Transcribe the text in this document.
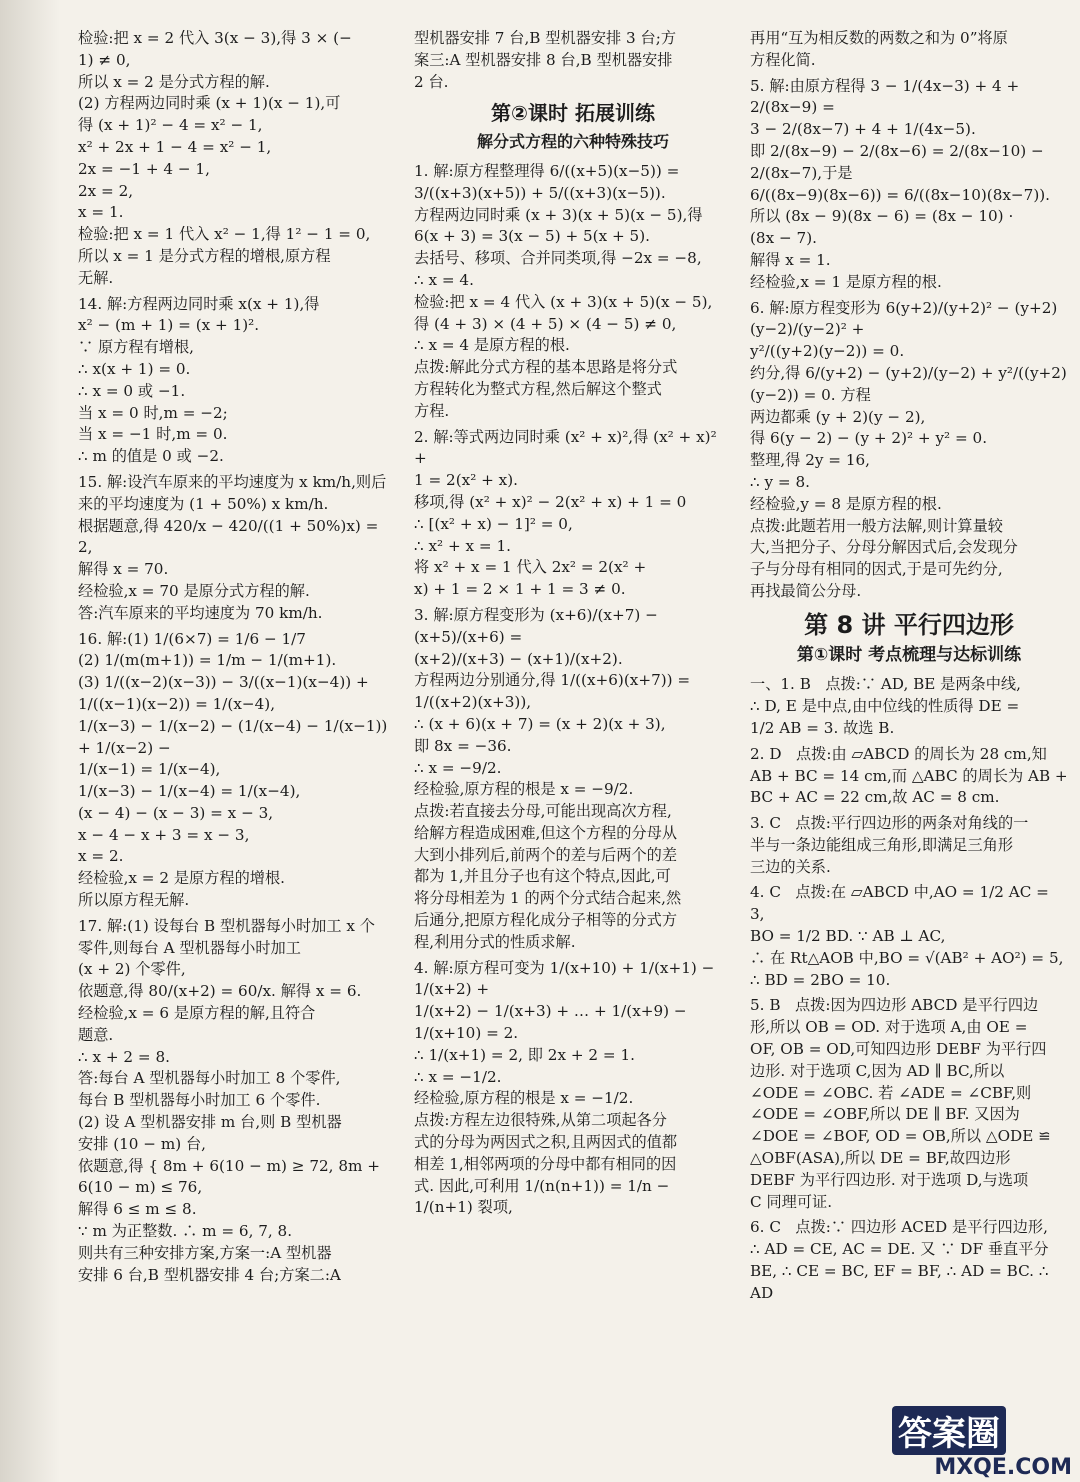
检验:把 x = 2 代入 3(x − 3),得 3 × (−

1) ≠ 0,

所以 x = 2 是分式方程的解.

(2) 方程两边同时乘 (x + 1)(x − 1),可

得 (x + 1)² − 4 = x² − 1,

x² + 2x + 1 − 4 = x² − 1,

2x = −1 + 4 − 1,

2x = 2,

x = 1.

检验:把 x = 1 代入 x² − 1,得 1² − 1 = 0,

所以 x = 1 是分式方程的增根,原方程

无解.

14. 解:方程两边同时乘 x(x + 1),得

x² − (m + 1) = (x + 1)².

∵ 原方程有增根,

∴ x(x + 1) = 0.

∴ x = 0 或 −1.

当 x = 0 时,m = −2;

当 x = −1 时,m = 0.

∴ m 的值是 0 或 −2.

15. 解:设汽车原来的平均速度为 x km/h,则后

来的平均速度为 (1 + 50%) x km/h.

根据题意,得 420/x − 420/((1 + 50%)x) = 2,

解得 x = 70.

经检验,x = 70 是原分式方程的解.

答:汽车原来的平均速度为 70 km/h.

16. 解:(1) 1/(6×7) = 1/6 − 1/7

(2) 1/(m(m+1)) = 1/m − 1/(m+1).

(3) 1/((x−2)(x−3)) − 3/((x−1)(x−4)) +

1/((x−1)(x−2)) = 1/(x−4),

1/(x−3) − 1/(x−2) − (1/(x−4) − 1/(x−1)) + 1/(x−2) −

1/(x−1) = 1/(x−4),

1/(x−3) − 1/(x−4) = 1/(x−4),

(x − 4) − (x − 3) = x − 3,

x − 4 − x + 3 = x − 3,

x = 2.

经检验,x = 2 是原方程的增根.

所以原方程无解.

17. 解:(1) 设每台 B 型机器每小时加工 x 个

零件,则每台 A 型机器每小时加工

(x + 2) 个零件,

依题意,得 80/(x+2) = 60/x. 解得 x = 6.

经检验,x = 6 是原方程的解,且符合

题意.

∴ x + 2 = 8.

答:每台 A 型机器每小时加工 8 个零件,

每台 B 型机器每小时加工 6 个零件.

(2) 设 A 型机器安排 m 台,则 B 型机器

安排 (10 − m) 台,

依题意,得 { 8m + 6(10 − m) ≥ 72, 8m + 6(10 − m) ≤ 76,

解得 6 ≤ m ≤ 8.

∵ m 为正整数. ∴ m = 6, 7, 8.

则共有三种安排方案,方案一:A 型机器

安排 6 台,B 型机器安排 4 台;方案二:A

型机器安排 7 台,B 型机器安排 3 台;方

案三:A 型机器安排 8 台,B 型机器安排

2 台.

第②课时 拓展训练
解分式方程的六种特殊技巧

1. 解:原方程整理得 6/((x+5)(x−5)) =

3/((x+3)(x+5)) + 5/((x+3)(x−5)).

方程两边同时乘 (x + 3)(x + 5)(x − 5),得

6(x + 3) = 3(x − 5) + 5(x + 5).

去括号、移项、合并同类项,得 −2x = −8,

∴ x = 4.

检验:把 x = 4 代入 (x + 3)(x + 5)(x − 5),

得 (4 + 3) × (4 + 5) × (4 − 5) ≠ 0,

∴ x = 4 是原方程的根.

点拨:解此分式方程的基本思路是将分式

方程转化为整式方程,然后解这个整式

方程.

2. 解:等式两边同时乘 (x² + x)²,得 (x² + x)² +

1 = 2(x² + x).

移项,得 (x² + x)² − 2(x² + x) + 1 = 0

∴ [(x² + x) − 1]² = 0,

∴ x² + x = 1.

将 x² + x = 1 代入 2x² = 2(x² +

x) + 1 = 2 × 1 + 1 = 3 ≠ 0.

3. 解:原方程变形为 (x+6)/(x+7) − (x+5)/(x+6) =

(x+2)/(x+3) − (x+1)/(x+2).

方程两边分别通分,得 1/((x+6)(x+7)) =

1/((x+2)(x+3)),

∴ (x + 6)(x + 7) = (x + 2)(x + 3),

即 8x = −36.

∴ x = −9/2.

经检验,原方程的根是 x = −9/2.

点拨:若直接去分母,可能出现高次方程,

给解方程造成困难,但这个方程的分母从

大到小排列后,前两个的差与后两个的差

都为 1,并且分子也有这个特点,因此,可

将分母相差为 1 的两个分式结合起来,然

后通分,把原方程化成分子相等的分式方

程,利用分式的性质求解.

4. 解:原方程可变为 1/(x+10) + 1/(x+1) − 1/(x+2) +

1/(x+2) − 1/(x+3) + … + 1/(x+9) − 1/(x+10) = 2.

∴ 1/(x+1) = 2, 即 2x + 2 = 1.

∴ x = −1/2.

经检验,原方程的根是 x = −1/2.

点拨:方程左边很特殊,从第二项起各分

式的分母为两因式之积,且两因式的值都

相差 1,相邻两项的分母中都有相同的因

式. 因此,可利用 1/(n(n+1)) = 1/n − 1/(n+1) 裂项,

再用“互为相反数的两数之和为 0”将原

方程化简.

5. 解:由原方程得 3 − 1/(4x−3) + 4 + 2/(8x−9) =

3 − 2/(8x−7) + 4 + 1/(4x−5).

即 2/(8x−9) − 2/(8x−6) = 2/(8x−10) − 2/(8x−7),于是

6/((8x−9)(8x−6)) = 6/((8x−10)(8x−7)).

所以 (8x − 9)(8x − 6) = (8x − 10) ·

(8x − 7).

解得 x = 1.

经检验,x = 1 是原方程的根.

6. 解:原方程变形为 6(y+2)/(y+2)² − (y+2)(y−2)/(y−2)² +

y²/((y+2)(y−2)) = 0.

约分,得 6/(y+2) − (y+2)/(y−2) + y²/((y+2)(y−2)) = 0. 方程

两边都乘 (y + 2)(y − 2),

得 6(y − 2) − (y + 2)² + y² = 0.

整理,得 2y = 16,

∴ y = 8.

经检验,y = 8 是原方程的根.

点拨:此题若用一般方法解,则计算量较

大,当把分子、分母分解因式后,会发现分

子与分母有相同的因式,于是可先约分,

再找最简公分母.

第 8 讲 平行四边形
第①课时 考点梳理与达标训练

一、1. B   点拨:∵ AD, BE 是两条中线,

∴ D, E 是中点,由中位线的性质得 DE =

1/2 AB = 3. 故选 B.

2. D   点拨:由 ▱ABCD 的周长为 28 cm,知

AB + BC = 14 cm,而 △ABC 的周长为 AB +

BC + AC = 22 cm,故 AC = 8 cm.

3. C   点拨:平行四边形的两条对角线的一

半与一条边能组成三角形,即满足三角形

三边的关系.

4. C   点拨:在 ▱ABCD 中,AO = 1/2 AC = 3,

BO = 1/2 BD. ∵ AB ⊥ AC,

∴ 在 Rt△AOB 中,BO = √(AB² + AO²) = 5,

∴ BD = 2BO = 10.

5. B   点拨:因为四边形 ABCD 是平行四边

形,所以 OB = OD. 对于选项 A,由 OE =

OF, OB = OD,可知四边形 DEBF 为平行四

边形. 对于选项 C,因为 AD ∥ BC,所以

∠ODE = ∠OBC. 若 ∠ADE = ∠CBF,则

∠ODE = ∠OBF,所以 DE ∥ BF. 又因为

∠DOE = ∠BOF, OD = OB,所以 △ODE ≌

△OBF(ASA),所以 DE = BF,故四边形

DEBF 为平行四边形. 对于选项 D,与选项

C 同理可证.

6. C   点拨:∵ 四边形 ACED 是平行四边形,

∴ AD = CE, AC = DE. 又 ∵ DF 垂直平分

BE, ∴ CE = BC, EF = BF, ∴ AD = BC. ∴ AD

答案圈
MXQE.COM
